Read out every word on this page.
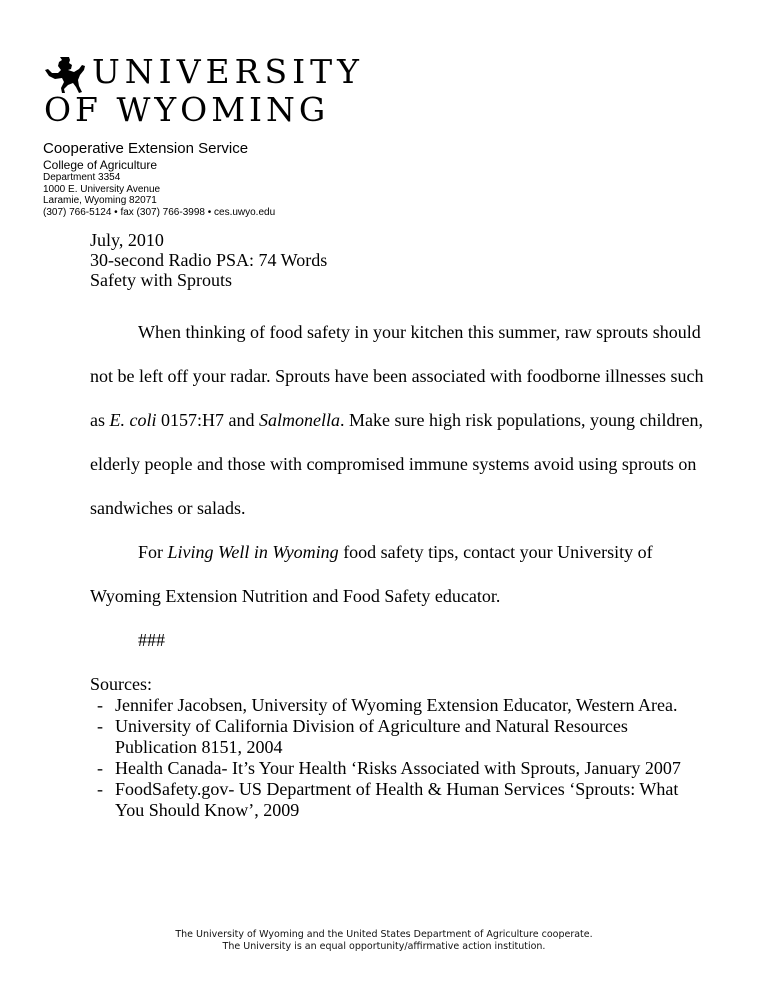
UNIVERSITY
OF WYOMING
Cooperative Extension Service
College of Agriculture
Department 3354
1000 E. University Avenue
Laramie, Wyoming 82071
(307) 766-5124 • fax (307) 766-3998 • ces.uwyo.edu
July, 2010
30-second Radio PSA: 74 Words
Safety with Sprouts

When thinking of food safety in your kitchen this summer, raw sprouts should not be left off your radar. Sprouts have been associated with foodborne illnesses such as E. coli 0157:H7 and Salmonella. Make sure high risk populations, young children, elderly people and those with compromised immune systems avoid using sprouts on sandwiches or salads.

For Living Well in Wyoming food safety tips, contact your University of Wyoming Extension Nutrition and Food Safety educator.

###

Sources:
- Jennifer Jacobsen, University of Wyoming Extension Educator, Western Area.
- University of California Division of Agriculture and Natural Resources Publication 8151, 2004
- Health Canada- It’s Your Health ‘Risks Associated with Sprouts, January 2007
- FoodSafety.gov- US Department of Health & Human Services ‘Sprouts: What You Should Know’, 2009
The University of Wyoming and the United States Department of Agriculture cooperate.
The University is an equal opportunity/affirmative action institution.
